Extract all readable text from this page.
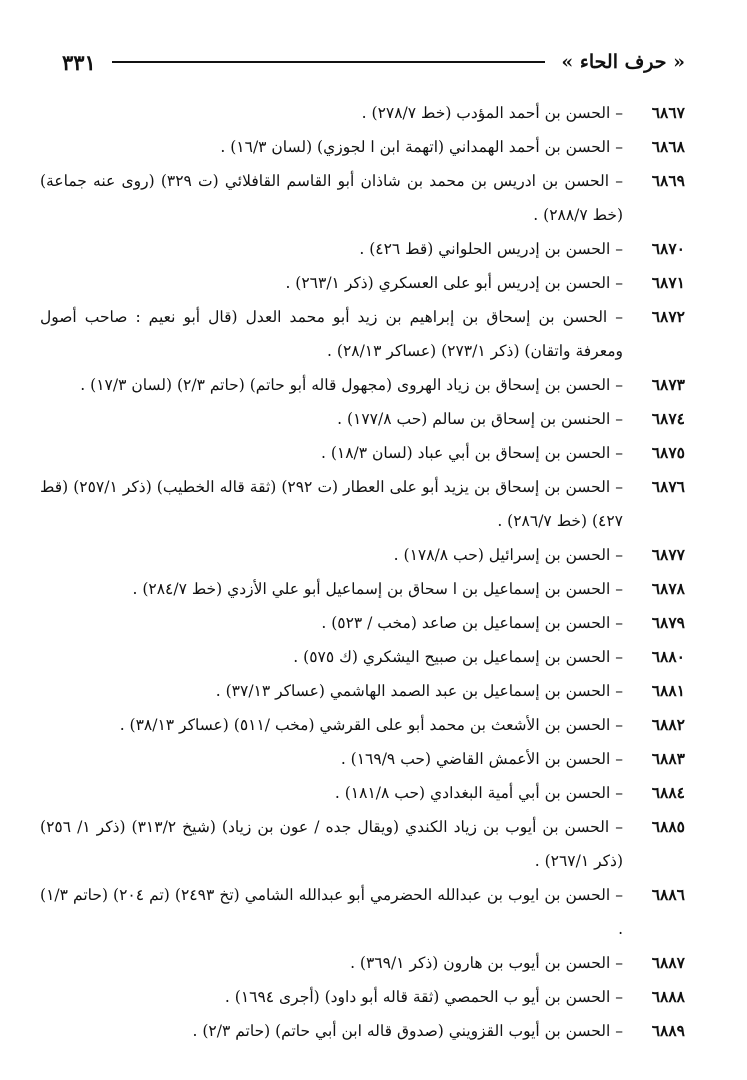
« حرف الحاء »
٣٣١
٦٨٦٧
– الحسن بن أحمد المؤدب (خط ٢٧٨/٧) .
٦٨٦٨
– الحسن بن أحمد الهمداني (اتهمة ابن ا لجوزي) (لسان ١٦/٣) .
٦٨٦٩
– الحسن بن ادريس بن محمد بن شاذان أبو القاسم القافلائي (ت ٣٢٩) (روى عنه جماعة) (خط ٢٨٨/٧) .
٦٨٧٠
– الحسن بن إدريس الحلواني (قط ٤٢٦) .
٦٨٧١
– الحسن بن إدريس أبو على العسكري (ذكر ٢٦٣/١) .
٦٨٧٢
– الحسن بن إسحاق بن إبراهيم بن زيد أبو محمد العدل (قال أبو نعيم : صاحب أصول ومعرفة واتقان) (ذكر ٢٧٣/١) (عساكر ٢٨/١٣) .
٦٨٧٣
– الحسن بن إسحاق بن زياد الهروى (مجهول قاله أبو حاتم) (حاتم ٢/٣) (لسان ١٧/٣) .
٦٨٧٤
– الحنسن بن إسحاق بن سالم (حب ١٧٧/٨) .
٦٨٧٥
– الحسن بن إسحاق بن أبي عباد (لسان ١٨/٣) .
٦٨٧٦
– الحسن بن إسحاق بن يزيد أبو على العطار (ت ٢٩٢) (ثقة قاله الخطيب) (ذكر ٢٥٧/١) (قط ٤٢٧) (خط ٢٨٦/٧) .
٦٨٧٧
– الحسن بن إسرائيل (حب ١٧٨/٨) .
٦٨٧٨
– الحسن بن إسماعيل بن ا سحاق بن إسماعيل أبو علي الأزدي (خط ٢٨٤/٧) .
٦٨٧٩
– الحسن بن إسماعيل بن صاعد (مخب / ٥٢٣) .
٦٨٨٠
– الحسن بن إسماعيل بن صبيح اليشكري (ك ٥٧٥) .
٦٨٨١
– الحسن بن إسماعيل بن عبد الصمد الهاشمي (عساكر ٣٧/١٣) .
٦٨٨٢
– الحسن بن الأشعث بن محمد أبو على القرشي (مخب /٥١١) (عساكر ٣٨/١٣) .
٦٨٨٣
– الحسن بن الأعمش القاضي (حب ١٦٩/٩) .
٦٨٨٤
– الحسن بن أبي أمية البغدادي (حب ١٨١/٨) .
٦٨٨٥
– الحسن بن أيوب بن زياد الكندي (ويقال جده / عون بن زياد) (شيخ ٣١٣/٢) (ذكر ١/ ٢٥٦) (ذكر ٢٦٧/١) .
٦٨٨٦
– الحسن بن ايوب بن عبدالله الحضرمي أبو عبدالله الشامي (تخ ٢٤٩٣) (تم ٢٠٤) (حاتم ١/٣) .
٦٨٨٧
– الحسن بن أيوب بن هارون (ذكر ٣٦٩/١) .
٦٨٨٨
– الحسن بن أيو ب الحمصي (ثقة قاله أبو داود) (أجرى ١٦٩٤) .
٦٨٨٩
– الحسن بن أيوب القزويني (صدوق قاله ابن أبي حاتم) (حاتم ٢/٣) .
